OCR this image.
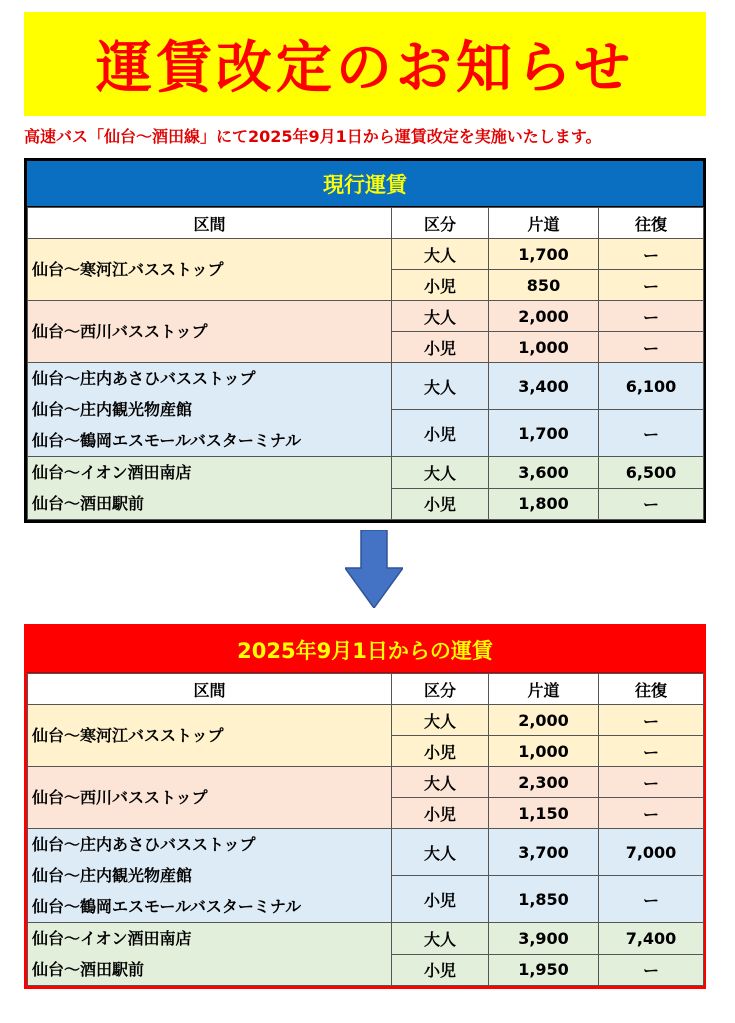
運賃改定のお知らせ
高速バス「仙台～酒田線」にて2025年9月1日から運賃改定を実施いたします。
現行運賃
区間	区分	片道	往復

仙台～寒河江バスストップ	大人	1,700	ー
	小児	850	ー

仙台～西川バスストップ	大人	2,000	ー
	小児	1,000	ー

仙台～庄内あさひバスストップ
仙台～庄内観光物産館
仙台～鶴岡エスモールバスターミナル	大人	3,400	6,100
	小児	1,700	ー

仙台～イオン酒田南店
仙台～酒田駅前	大人	3,600	6,500
	小児	1,800	ー
2025年9月1日からの運賃
区間	区分	片道	往復

仙台～寒河江バスストップ	大人	2,000	ー
	小児	1,000	ー

仙台～西川バスストップ	大人	2,300	ー
	小児	1,150	ー

仙台～庄内あさひバスストップ
仙台～庄内観光物産館
仙台～鶴岡エスモールバスターミナル	大人	3,700	7,000
	小児	1,850	ー

仙台～イオン酒田南店
仙台～酒田駅前	大人	3,900	7,400
	小児	1,950	ー
